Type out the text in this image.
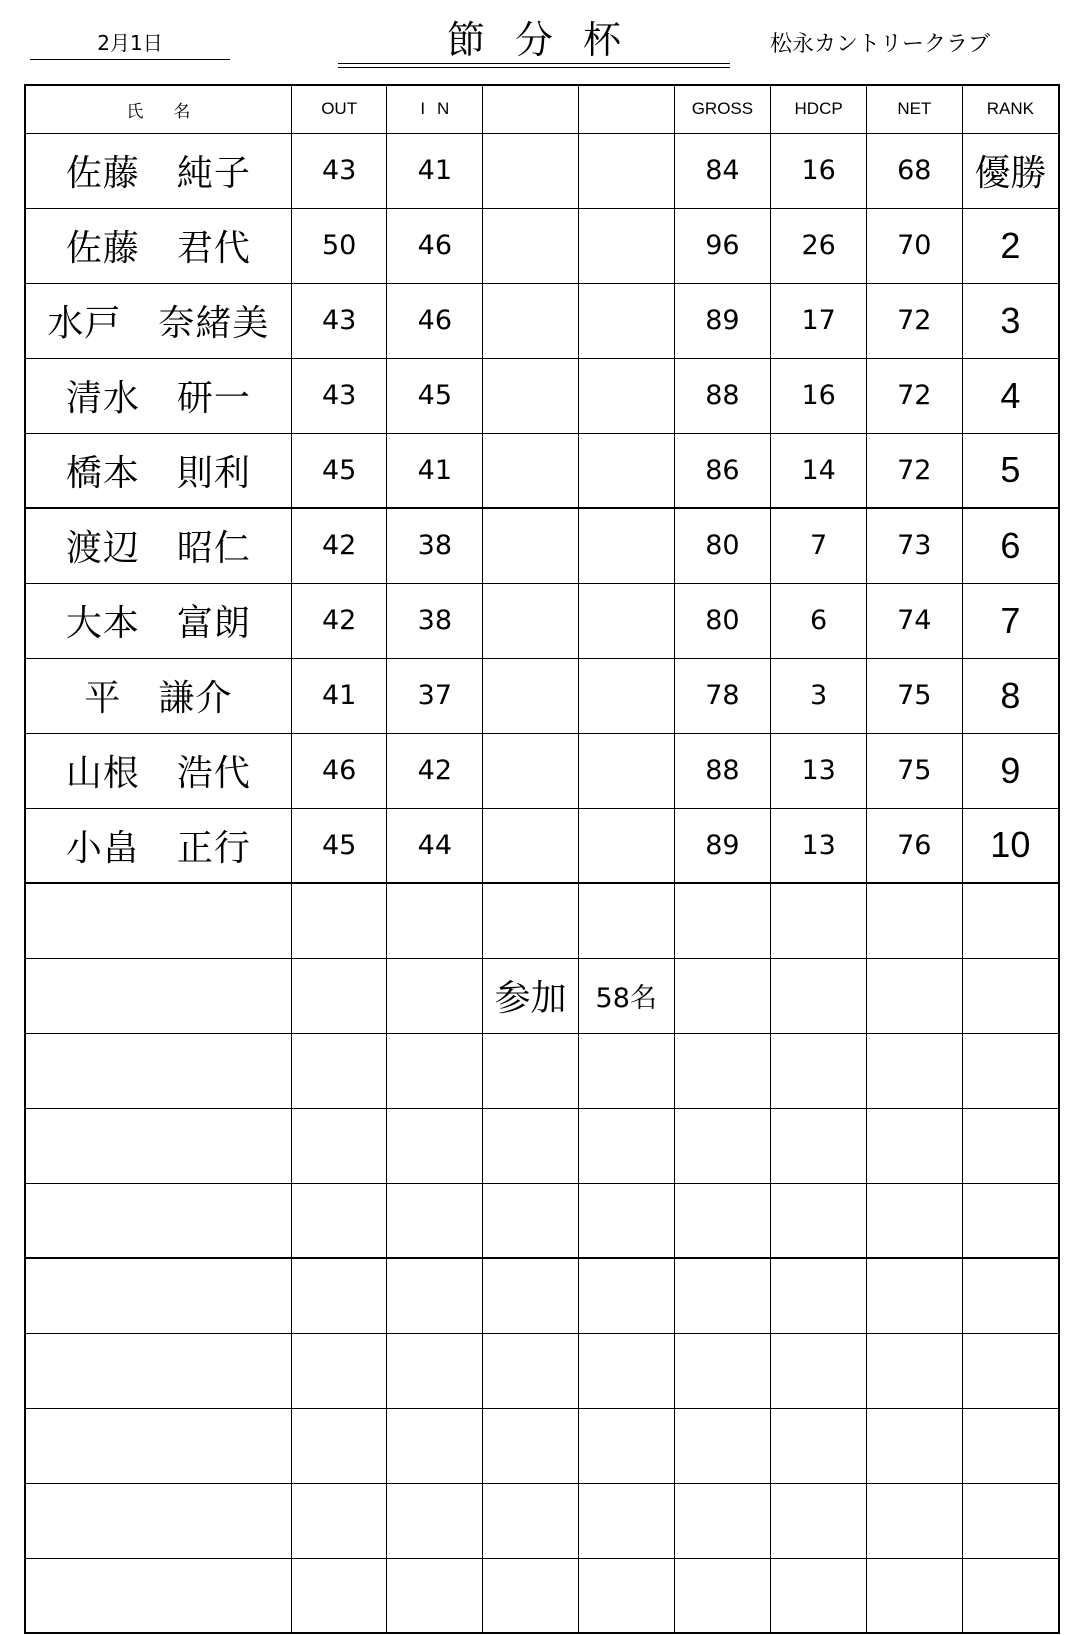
2月1日	節分杯	松永カントリークラブ
氏名	OUT	IN			GROSS	HDCP	NET	RANK
佐藤　純子	43	41			84	16	68	優勝
佐藤　君代	50	46			96	26	70	2
水戸　奈緒美	43	46			89	17	72	3
清水　研一	43	45			88	16	72	4
橋本　則利	45	41			86	14	72	5
渡辺　昭仁	42	38			80	7	73	6
大本　富朗	42	38			80	6	74	7
平　謙介	41	37			78	3	75	8
山根　浩代	46	42			88	13	75	9
小畠　正行	45	44			89	13	76	10

			参加	58名				
